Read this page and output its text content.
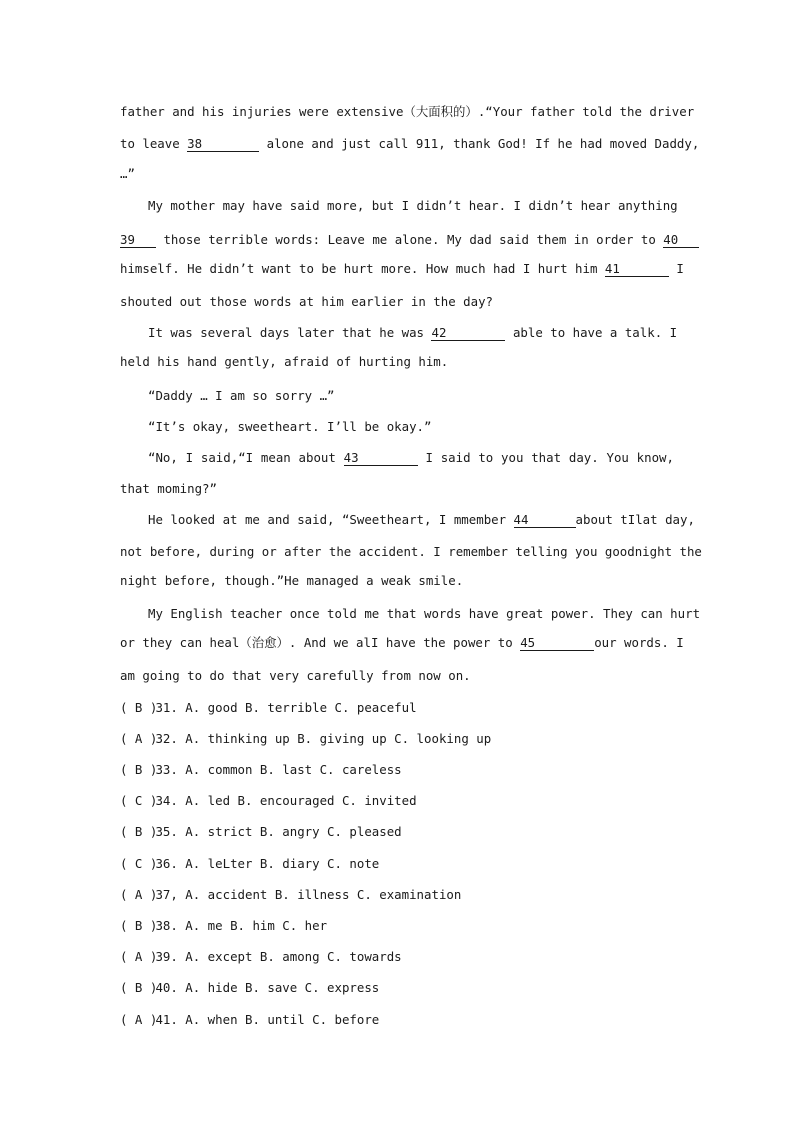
father and his injuries were extensive（大面积的）.“Your father told the driver
to leave 38	alone and just call 911, thank God! If he had moved Daddy,
…”
My mother may have said more, but I didn’t hear. I didn’t hear anything
39 those terrible words: Leave me alone. My dad said them in order to 40
himself. He didn’t want to be hurt more. How much had I hurt him 41	I
shouted out those words at him earlier in the day?
It was several days later that he was 42	able to have a talk. I
held his hand gently, afraid of hurting him.
“Daddy … I am so sorry …”
“It’s okay, sweetheart. I’ll be okay.”
“No, I said,“I mean about 43	I said to you that day. You know,
that moming?”
He looked at me and said, “Sweetheart, I mmember 44	about tIlat day,
not before, during or after the accident. I remember telling you goodnight the
night before, though.”He managed a weak smile.
My English teacher once told me that words have great power. They can hurt
or they can heal（治愈）. And we alI have the power to 45	our words. I
am going to do that very carefully from now on.
( B ) 31. A. good B. terrible C. peaceful
( A ) 32. A. thinking up B. giving up C. looking up
( B ) 33. A. common B. last C. careless
( C ) 34. A. led B. encouraged C. invited
( B ) 35. A. strict B. angry C. pleased
( C ) 36. A. leLter B. diary C. note
( A ) 37, A. accident B. illness C. examination
( B ) 38. A. me B. him C. her
( A ) 39. A. except B. among C. towards
( B ) 40. A. hide B. save C. express
( A ) 41. A. when B. until C. before
